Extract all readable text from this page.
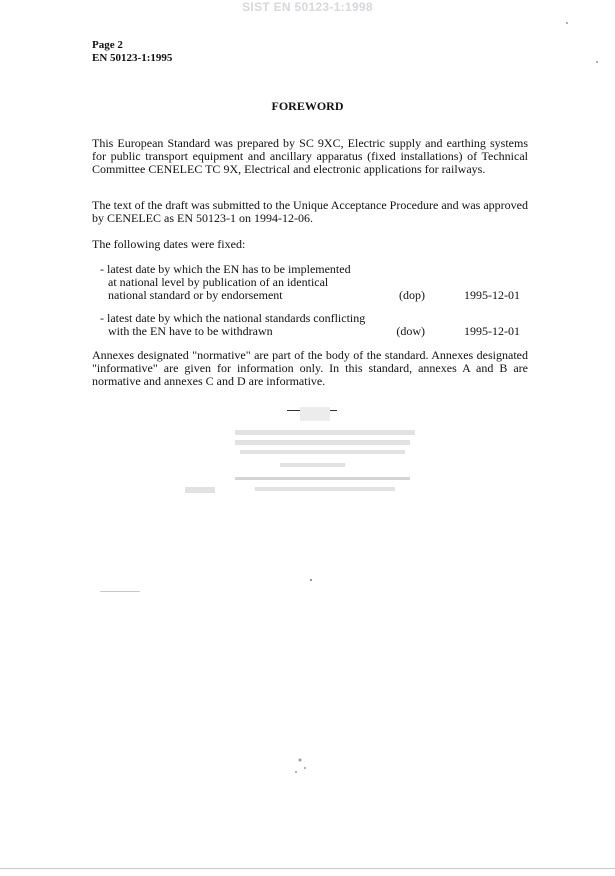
SIST EN 50123-1:1998
Page 2
EN 50123-1:1995
FOREWORD

This European Standard was prepared by SC 9XC, Electric supply and earthing systems for public transport equipment and ancillary apparatus (fixed installations) of Technical Committee CENELEC TC 9X, Electrical and electronic applications for railways.

The text of the draft was submitted to the Unique Acceptance Procedure and was approved by CENELEC as EN 50123-1 on 1994-12-06.

The following dates were fixed:

- latest date by which the EN has to be implemented
at national level by publication of an identical
national standard or by endorsement	(dop)	1995-12-01
- latest date by which the national standards conflicting
with the EN have to be withdrawn	(dow)	1995-12-01

Annexes designated "normative" are part of the body of the standard. Annexes designated "informative" are given for information only. In this standard, annexes A and B are normative and annexes C and D are informative.
